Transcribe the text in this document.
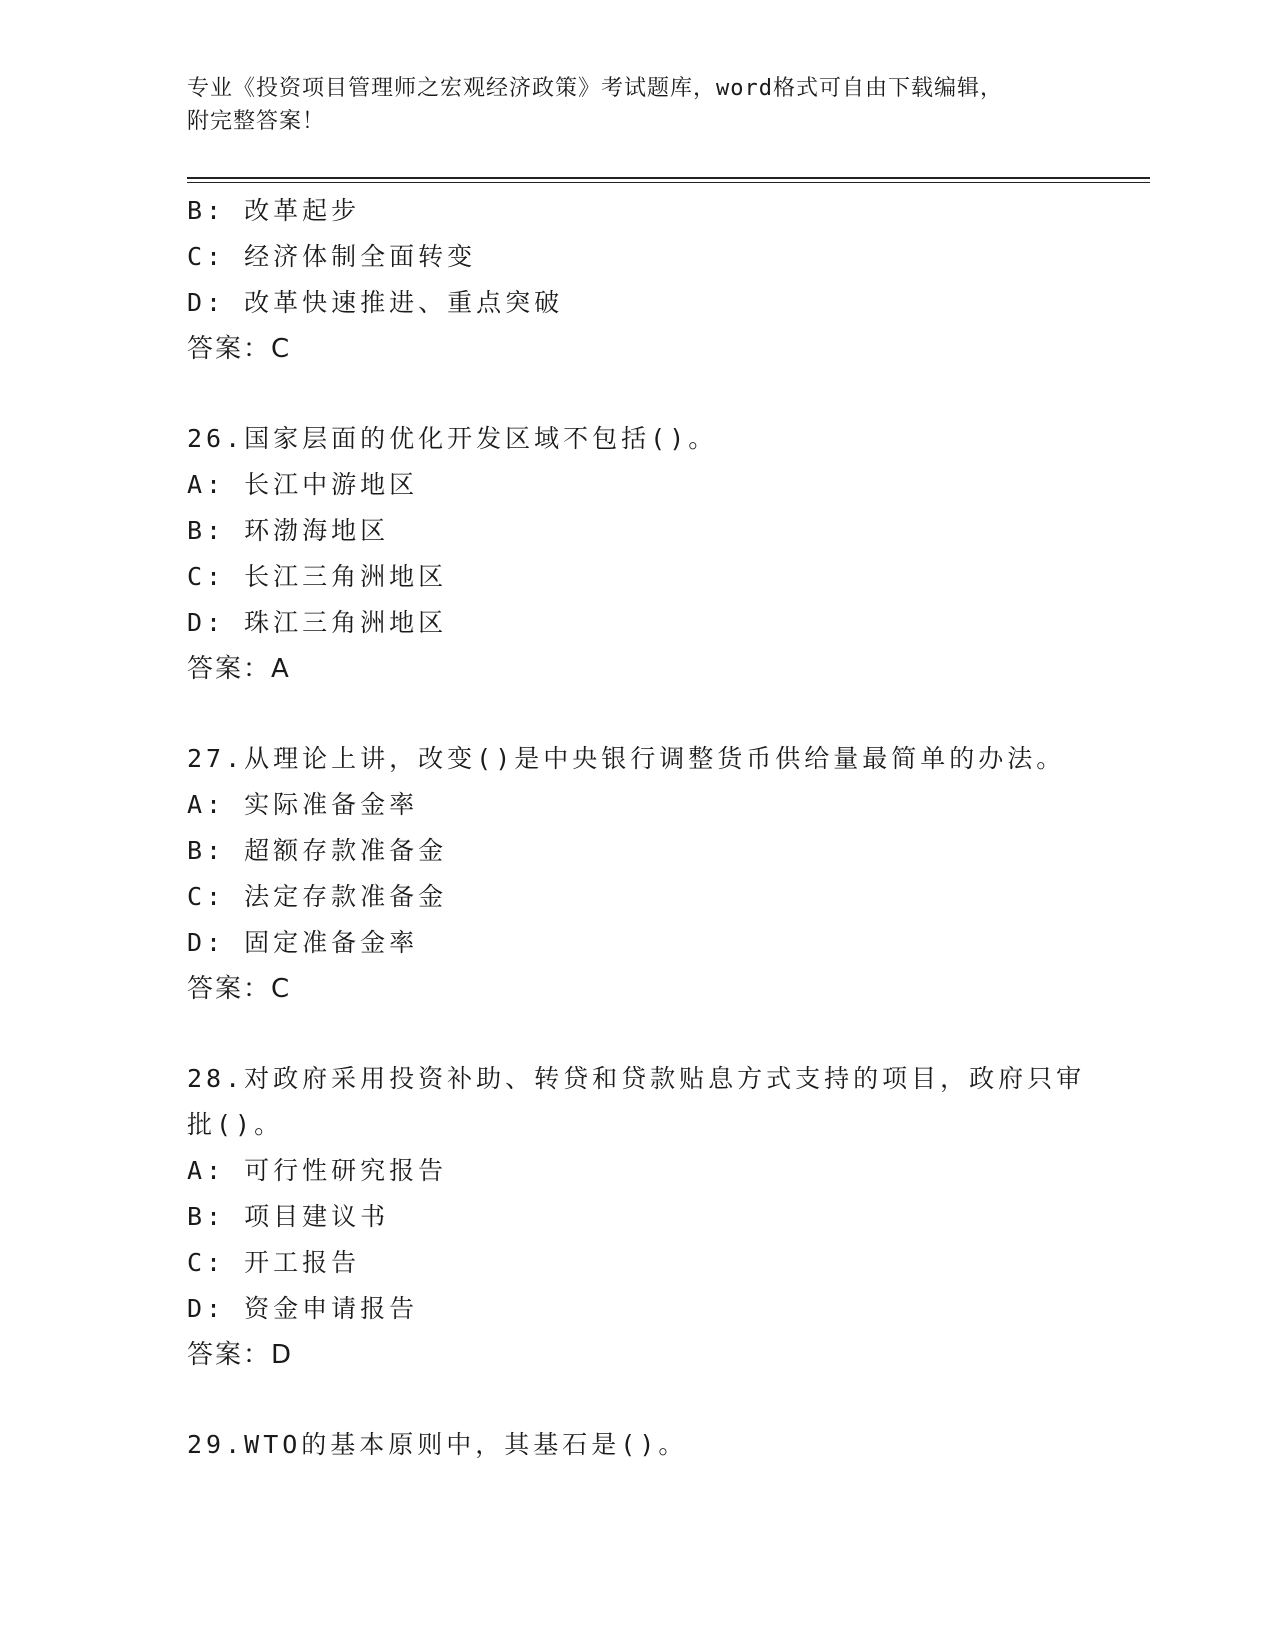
专业《投资项目管理师之宏观经济政策》考试题库，word格式可自由下载编辑，
附完整答案！
B: 改革起步
C: 经济体制全面转变
D: 改革快速推进、重点突破
答案：C
26.国家层面的优化开发区域不包括()。
A: 长江中游地区
B: 环渤海地区
C: 长江三角洲地区
D: 珠江三角洲地区
答案：A
27.从理论上讲，改变()是中央银行调整货币供给量最简单的办法。
A: 实际准备金率
B: 超额存款准备金
C: 法定存款准备金
D: 固定准备金率
答案：C
28.对政府采用投资补助、转贷和贷款贴息方式支持的项目，政府只审
批()。
A: 可行性研究报告
B: 项目建议书
C: 开工报告
D: 资金申请报告
答案：D
29.WTO的基本原则中，其基石是()。
